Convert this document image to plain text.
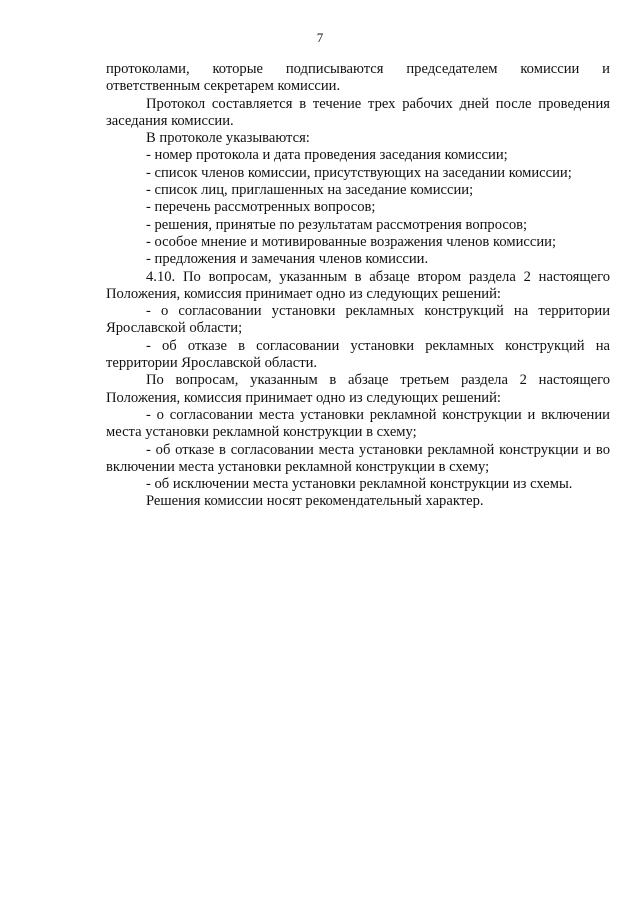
7

протоколами, которые подписываются председателем комиссии и ответственным секретарем комиссии.

Протокол составляется в течение трех рабочих дней после проведения заседания комиссии.

В протоколе указываются:

- номер протокола и дата проведения заседания комиссии;

- список членов комиссии, присутствующих на заседании комиссии;

- список лиц, приглашенных на заседание комиссии;

- перечень рассмотренных вопросов;

- решения, принятые по результатам рассмотрения вопросов;

- особое мнение и мотивированные возражения членов комиссии;

- предложения и замечания членов комиссии.

4.10. По вопросам, указанным в абзаце втором раздела 2 настоящего Положения, комиссия принимает одно из следующих решений:

- о согласовании установки рекламных конструкций на территории Ярославской области;

- об отказе в согласовании установки рекламных конструкций на территории Ярославской области.

По вопросам, указанным в абзаце третьем раздела 2 настоящего Положения, комиссия принимает одно из следующих решений:

- о согласовании места установки рекламной конструкции и включении места установки рекламной конструкции в схему;

- об отказе в согласовании места установки рекламной конструкции и во включении места установки рекламной конструкции в схему;

- об исключении места установки рекламной конструкции из схемы.

Решения комиссии носят рекомендательный характер.
